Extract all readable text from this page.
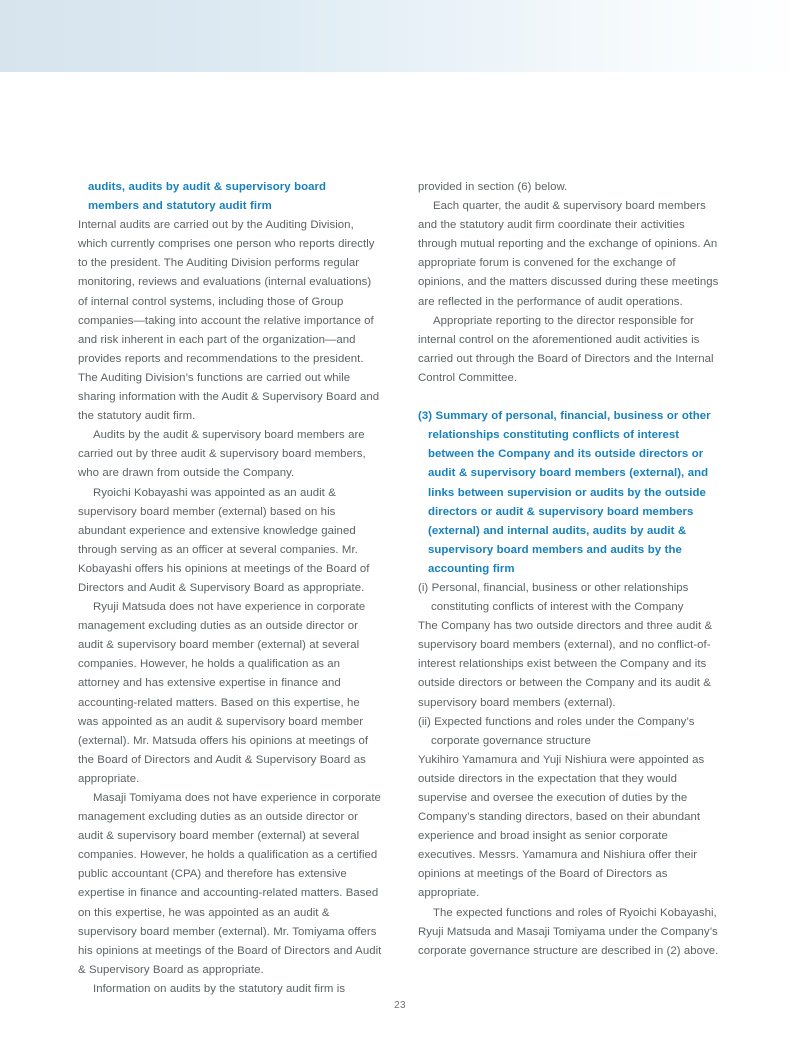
audits, audits by audit & supervisory board
members and statutory audit firm

Internal audits are carried out by the Auditing Division, which currently comprises one person who reports directly to the president. The Auditing Division performs regular monitoring, reviews and evaluations (internal evaluations) of internal control systems, including those of Group companies—taking into account the relative importance of and risk inherent in each part of the organization—and provides reports and recommendations to the president. The Auditing Division’s functions are carried out while sharing information with the Audit & Supervisory Board and the statutory audit firm.

Audits by the audit & supervisory board members are carried out by three audit & supervisory board members, who are drawn from outside the Company.

Ryoichi Kobayashi was appointed as an audit & supervisory board member (external) based on his abundant experience and extensive knowledge gained through serving as an officer at several companies. Mr. Kobayashi offers his opinions at meetings of the Board of Directors and Audit & Supervisory Board as appropriate.

Ryuji Matsuda does not have experience in corporate management excluding duties as an outside director or audit & supervisory board member (external) at several companies. However, he holds a qualification as an attorney and has extensive expertise in finance and accounting-related matters. Based on this expertise, he was appointed as an audit & supervisory board member (external). Mr. Matsuda offers his opinions at meetings of the Board of Directors and Audit & Supervisory Board as appropriate.

Masaji Tomiyama does not have experience in corporate management excluding duties as an outside director or audit & supervisory board member (external) at several companies. However, he holds a qualification as a certified public accountant (CPA) and therefore has extensive expertise in finance and accounting-related matters. Based on this expertise, he was appointed as an audit & supervisory board member (external). Mr. Tomiyama offers his opinions at meetings of the Board of Directors and Audit & Supervisory Board as appropriate.

Information on audits by the statutory audit firm is

provided in section (6) below.

Each quarter, the audit & supervisory board members and the statutory audit firm coordinate their activities through mutual reporting and the exchange of opinions. An appropriate forum is convened for the exchange of opinions, and the matters discussed during these meetings are reflected in the performance of audit operations.

Appropriate reporting to the director responsible for internal control on the aforementioned audit activities is carried out through the Board of Directors and the Internal Control Committee.

(3) Summary of personal, financial, business or other relationships constituting conflicts of interest between the Company and its outside directors or audit & supervisory board members (external), and links between supervision or audits by the outside directors or audit & supervisory board members (external) and internal audits, audits by audit & supervisory board members and audits by the accounting firm

(i) Personal, financial, business or other relationships constituting conflicts of interest with the Company

The Company has two outside directors and three audit & supervisory board members (external), and no conflict-of-interest relationships exist between the Company and its outside directors or between the Company and its audit & supervisory board members (external).

(ii) Expected functions and roles under the Company’s corporate governance structure

Yukihiro Yamamura and Yuji Nishiura were appointed as outside directors in the expectation that they would supervise and oversee the execution of duties by the Company’s standing directors, based on their abundant experience and broad insight as senior corporate executives. Messrs. Yamamura and Nishiura offer their opinions at meetings of the Board of Directors as appropriate.

The expected functions and roles of Ryoichi Kobayashi, Ryuji Matsuda and Masaji Tomiyama under the Company’s corporate governance structure are described in (2) above.

23
